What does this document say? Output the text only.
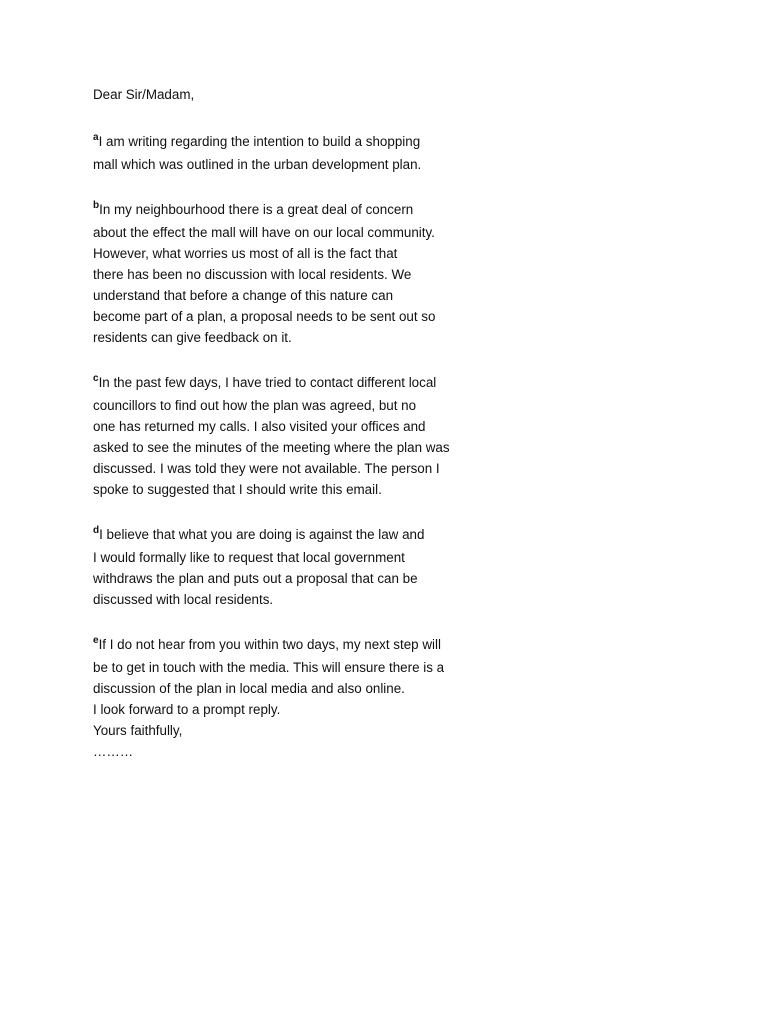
Dear Sir/Madam,
$^a$I am writing regarding the intention to build a shopping
mall which was outlined in the urban development plan.
$^b$In my neighbourhood there is a great deal of concern
about the effect the mall will have on our local community.
However, what worries us most of all is the fact that
there has been no discussion with local residents. We
understand that before a change of this nature can
become part of a plan, a proposal needs to be sent out so
residents can give feedback on it.
$^c$In the past few days, I have tried to contact different local
councillors to find out how the plan was agreed, but no
one has returned my calls. I also visited your offices and
asked to see the minutes of the meeting where the plan was
discussed. I was told they were not available. The person I
spoke to suggested that I should write this email.
$^d$I believe that what you are doing is against the law and
I would formally like to request that local government
withdraws the plan and puts out a proposal that can be
discussed with local residents.
$^e$If I do not hear from you within two days, my next step will
be to get in touch with the media. This will ensure there is a
discussion of the plan in local media and also online.
I look forward to a prompt reply.
Yours faithfully,
………
